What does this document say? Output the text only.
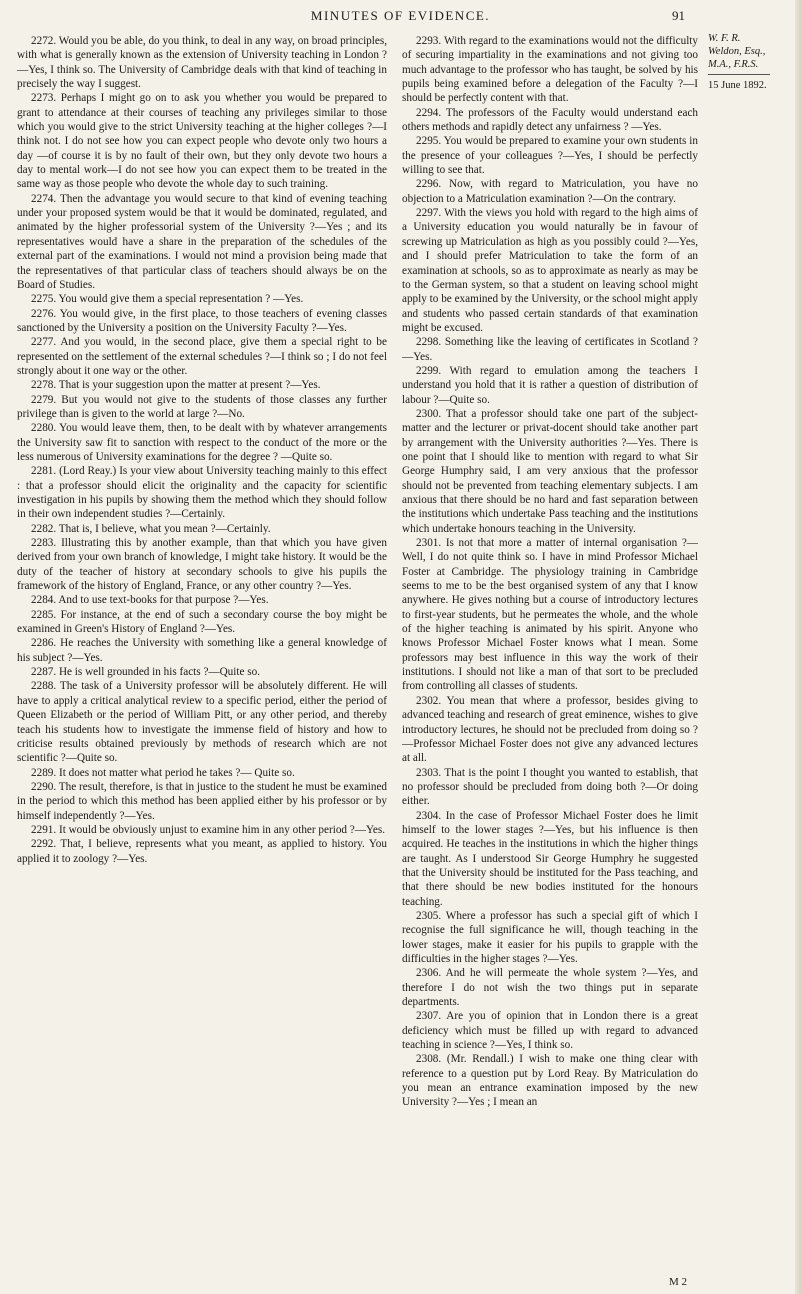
MINUTES OF EVIDENCE.	91

2272. Would you be able, do you think, to deal in any way, on broad principles, with what is generally known as the extension of University teaching in London ?—Yes, I think so. The University of Cambridge deals with that kind of teaching in precisely the way I suggest.

2273. Perhaps I might go on to ask you whether you would be prepared to grant to attendance at their courses of teaching any privileges similar to those which you would give to the strict University teaching at the higher colleges ?—I think not. I do not see how you can expect people who devote only two hours a day —of course it is by no fault of their own, but they only devote two hours a day to mental work—I do not see how you can expect them to be treated in the same way as those people who devote the whole day to such training.

2274. Then the advantage you would secure to that kind of evening teaching under your proposed system would be that it would be dominated, regulated, and animated by the higher professorial system of the University ?—Yes ; and its representatives would have a share in the preparation of the schedules of the external part of the examinations. I would not mind a provision being made that the representatives of that particular class of teachers should always be on the Board of Studies.

2275. You would give them a special representation ? —Yes.

2276. You would give, in the first place, to those teachers of evening classes sanctioned by the University a position on the University Faculty ?—Yes.

2277. And you would, in the second place, give them a special right to be represented on the settlement of the external schedules ?—I think so ; I do not feel strongly about it one way or the other.

2278. That is your suggestion upon the matter at present ?—Yes.

2279. But you would not give to the students of those classes any further privilege than is given to the world at large ?—No.

2280. You would leave them, then, to be dealt with by whatever arrangements the University saw fit to sanction with respect to the conduct of the more or the less numerous of University examinations for the degree ? —Quite so.

2281. (Lord Reay.) Is your view about University teaching mainly to this effect : that a professor should elicit the originality and the capacity for scientific investigation in his pupils by showing them the method which they should follow in their own independent studies ?—Certainly.

2282. That is, I believe, what you mean ?—Certainly.

2283. Illustrating this by another example, than that which you have given derived from your own branch of knowledge, I might take history. It would be the duty of the teacher of history at secondary schools to give his pupils the framework of the history of England, France, or any other country ?—Yes.

2284. And to use text-books for that purpose ?—Yes.

2285. For instance, at the end of such a secondary course the boy might be examined in Green's History of England ?—Yes.

2286. He reaches the University with something like a general knowledge of his subject ?—Yes.

2287. He is well grounded in his facts ?—Quite so.

2288. The task of a University professor will be absolutely different. He will have to apply a critical analytical review to a specific period, either the period of Queen Elizabeth or the period of William Pitt, or any other period, and thereby teach his students how to investigate the immense field of history and how to criticise results obtained previously by methods of research which are not scientific ?—Quite so.

2289. It does not matter what period he takes ?— Quite so.

2290. The result, therefore, is that in justice to the student he must be examined in the period to which this method has been applied either by his professor or by himself independently ?—Yes.

2291. It would be obviously unjust to examine him in any other period ?—Yes.

2292. That, I believe, represents what you meant, as applied to history. You applied it to zoology ?—Yes.

2293. With regard to the examinations would not the difficulty of securing impartiality in the examinations and not giving too much advantage to the professor who has taught, be solved by his pupils being examined before a delegation of the Faculty ?—I should be perfectly content with that.

2294. The professors of the Faculty would understand each others methods and rapidly detect any unfairness ? —Yes.

2295. You would be prepared to examine your own students in the presence of your colleagues ?—Yes, I should be perfectly willing to see that.

2296. Now, with regard to Matriculation, you have no objection to a Matriculation examination ?—On the contrary.

2297. With the views you hold with regard to the high aims of a University education you would naturally be in favour of screwing up Matriculation as high as you possibly could ?—Yes, and I should prefer Matriculation to take the form of an examination at schools, so as to approximate as nearly as may be to the German system, so that a student on leaving school might apply to be examined by the University, or the school might apply and students who passed certain standards of that examination might be excused.

2298. Something like the leaving of certificates in Scotland ?—Yes.

2299. With regard to emulation among the teachers I understand you hold that it is rather a question of distribution of labour ?—Quite so.

2300. That a professor should take one part of the subject-matter and the lecturer or privat-docent should take another part by arrangement with the University authorities ?—Yes. There is one point that I should like to mention with regard to what Sir George Humphry said, I am very anxious that the professor should not be prevented from teaching elementary subjects. I am anxious that there should be no hard and fast separation between the institutions which undertake Pass teaching and the institutions which undertake honours teaching in the University.

2301. Is not that more a matter of internal organisation ?—Well, I do not quite think so. I have in mind Professor Michael Foster at Cambridge. The physiology training in Cambridge seems to me to be the best organised system of any that I know anywhere. He gives nothing but a course of introductory lectures to first-year students, but he permeates the whole, and the whole of the higher teaching is animated by his spirit. Anyone who knows Professor Michael Foster knows what I mean. Some professors may best influence in this way the work of their institutions. I should not like a man of that sort to be precluded from controlling all classes of students.

2302. You mean that where a professor, besides giving to advanced teaching and research of great eminence, wishes to give introductory lectures, he should not be precluded from doing so ?—Professor Michael Foster does not give any advanced lectures at all.

2303. That is the point I thought you wanted to establish, that no professor should be precluded from doing both ?—Or doing either.

2304. In the case of Professor Michael Foster does he limit himself to the lower stages ?—Yes, but his influence is then acquired. He teaches in the institutions in which the higher things are taught. As I understood Sir George Humphry he suggested that the University should be instituted for the Pass teaching, and that there should be new bodies instituted for the honours teaching.

2305. Where a professor has such a special gift of which I recognise the full significance he will, though teaching in the lower stages, make it easier for his pupils to grapple with the difficulties in the higher stages ?—Yes.

2306. And he will permeate the whole system ?—Yes, and therefore I do not wish the two things put in separate departments.

2307. Are you of opinion that in London there is a great deficiency which must be filled up with regard to advanced teaching in science ?—Yes, I think so.

2308. (Mr. Rendall.) I wish to make one thing clear with reference to a question put by Lord Reay. By Matriculation do you mean an entrance examination imposed by the new University ?—Yes ; I mean an

W. F. R.
Weldon, Esq.,
M.A., F.R.S.
15 June 1892.
M 2
